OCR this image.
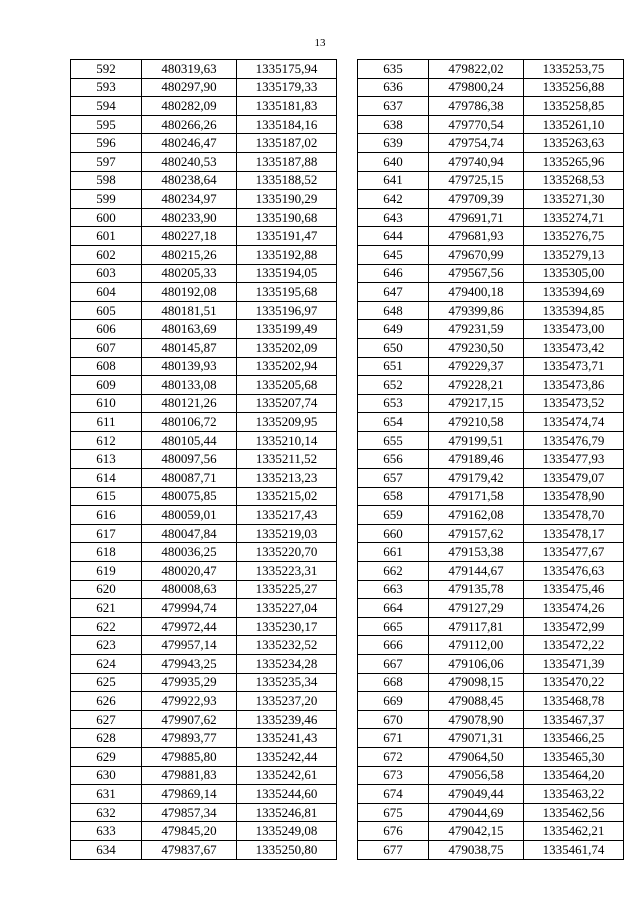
13
592	480319,63	1335175,94
593	480297,90	1335179,33
594	480282,09	1335181,83
595	480266,26	1335184,16
596	480246,47	1335187,02
597	480240,53	1335187,88
598	480238,64	1335188,52
599	480234,97	1335190,29
600	480233,90	1335190,68
601	480227,18	1335191,47
602	480215,26	1335192,88
603	480205,33	1335194,05
604	480192,08	1335195,68
605	480181,51	1335196,97
606	480163,69	1335199,49
607	480145,87	1335202,09
608	480139,93	1335202,94
609	480133,08	1335205,68
610	480121,26	1335207,74
611	480106,72	1335209,95
612	480105,44	1335210,14
613	480097,56	1335211,52
614	480087,71	1335213,23
615	480075,85	1335215,02
616	480059,01	1335217,43
617	480047,84	1335219,03
618	480036,25	1335220,70
619	480020,47	1335223,31
620	480008,63	1335225,27
621	479994,74	1335227,04
622	479972,44	1335230,17
623	479957,14	1335232,52
624	479943,25	1335234,28
625	479935,29	1335235,34
626	479922,93	1335237,20
627	479907,62	1335239,46
628	479893,77	1335241,43
629	479885,80	1335242,44
630	479881,83	1335242,61
631	479869,14	1335244,60
632	479857,34	1335246,81
633	479845,20	1335249,08
634	479837,67	1335250,80
635	479822,02	1335253,75
636	479800,24	1335256,88
637	479786,38	1335258,85
638	479770,54	1335261,10
639	479754,74	1335263,63
640	479740,94	1335265,96
641	479725,15	1335268,53
642	479709,39	1335271,30
643	479691,71	1335274,71
644	479681,93	1335276,75
645	479670,99	1335279,13
646	479567,56	1335305,00
647	479400,18	1335394,69
648	479399,86	1335394,85
649	479231,59	1335473,00
650	479230,50	1335473,42
651	479229,37	1335473,71
652	479228,21	1335473,86
653	479217,15	1335473,52
654	479210,58	1335474,74
655	479199,51	1335476,79
656	479189,46	1335477,93
657	479179,42	1335479,07
658	479171,58	1335478,90
659	479162,08	1335478,70
660	479157,62	1335478,17
661	479153,38	1335477,67
662	479144,67	1335476,63
663	479135,78	1335475,46
664	479127,29	1335474,26
665	479117,81	1335472,99
666	479112,00	1335472,22
667	479106,06	1335471,39
668	479098,15	1335470,22
669	479088,45	1335468,78
670	479078,90	1335467,37
671	479071,31	1335466,25
672	479064,50	1335465,30
673	479056,58	1335464,20
674	479049,44	1335463,22
675	479044,69	1335462,56
676	479042,15	1335462,21
677	479038,75	1335461,74
